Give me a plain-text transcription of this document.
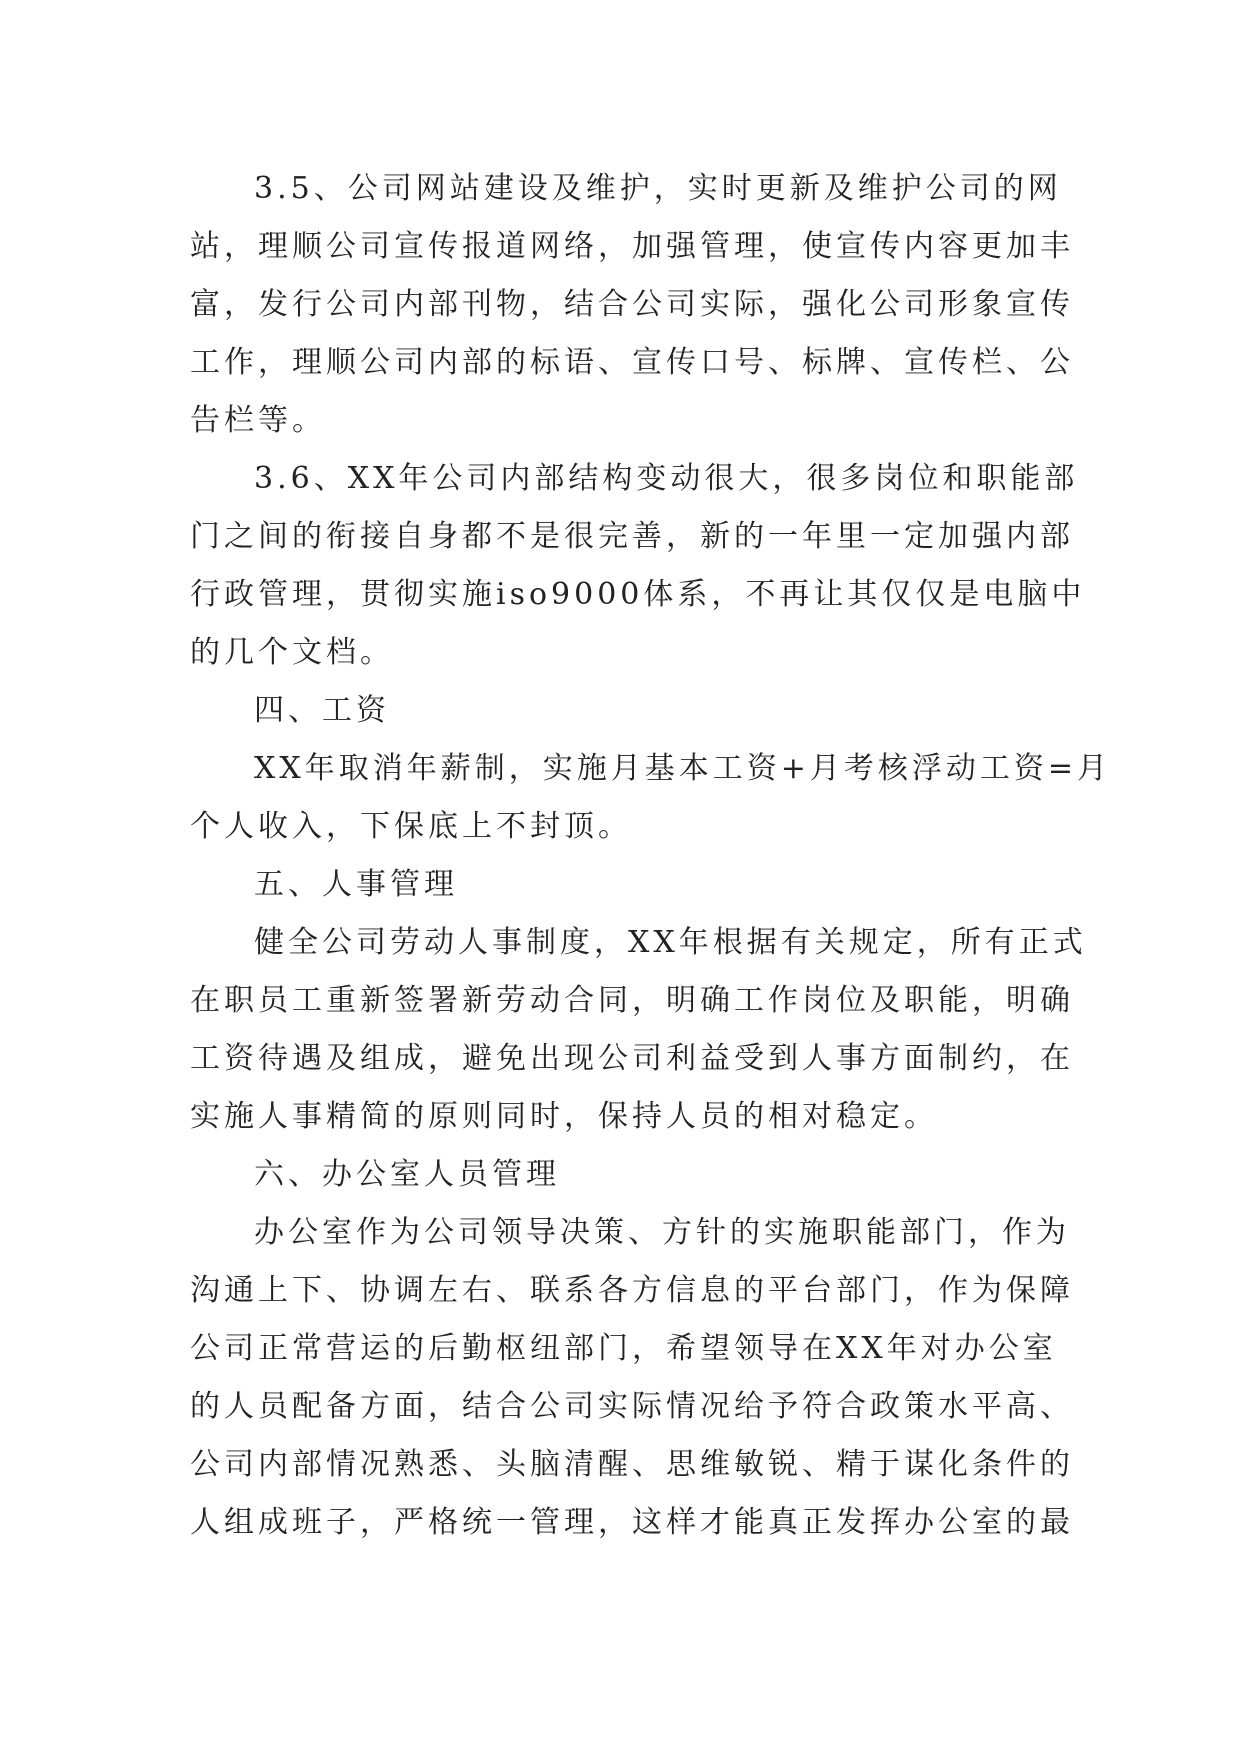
3.5、公司网站建设及维护，实时更新及维护公司的网
站，理顺公司宣传报道网络，加强管理，使宣传内容更加丰
富，发行公司内部刊物，结合公司实际，强化公司形象宣传
工作，理顺公司内部的标语、宣传口号、标牌、宣传栏、公
告栏等。
3.6、XX年公司内部结构变动很大，很多岗位和职能部
门之间的衔接自身都不是很完善，新的一年里一定加强内部
行政管理，贯彻实施iso9000体系，不再让其仅仅是电脑中
的几个文档。
四、工资
XX年取消年薪制，实施月基本工资+月考核浮动工资=月
个人收入，下保底上不封顶。
五、人事管理
健全公司劳动人事制度，XX年根据有关规定，所有正式
在职员工重新签署新劳动合同，明确工作岗位及职能，明确
工资待遇及组成，避免出现公司利益受到人事方面制约，在
实施人事精简的原则同时，保持人员的相对稳定。
六、办公室人员管理
办公室作为公司领导决策、方针的实施职能部门，作为
沟通上下、协调左右、联系各方信息的平台部门，作为保障
公司正常营运的后勤枢纽部门，希望领导在XX年对办公室
的人员配备方面，结合公司实际情况给予符合政策水平高、
公司内部情况熟悉、头脑清醒、思维敏锐、精于谋化条件的
人组成班子，严格统一管理，这样才能真正发挥办公室的最
